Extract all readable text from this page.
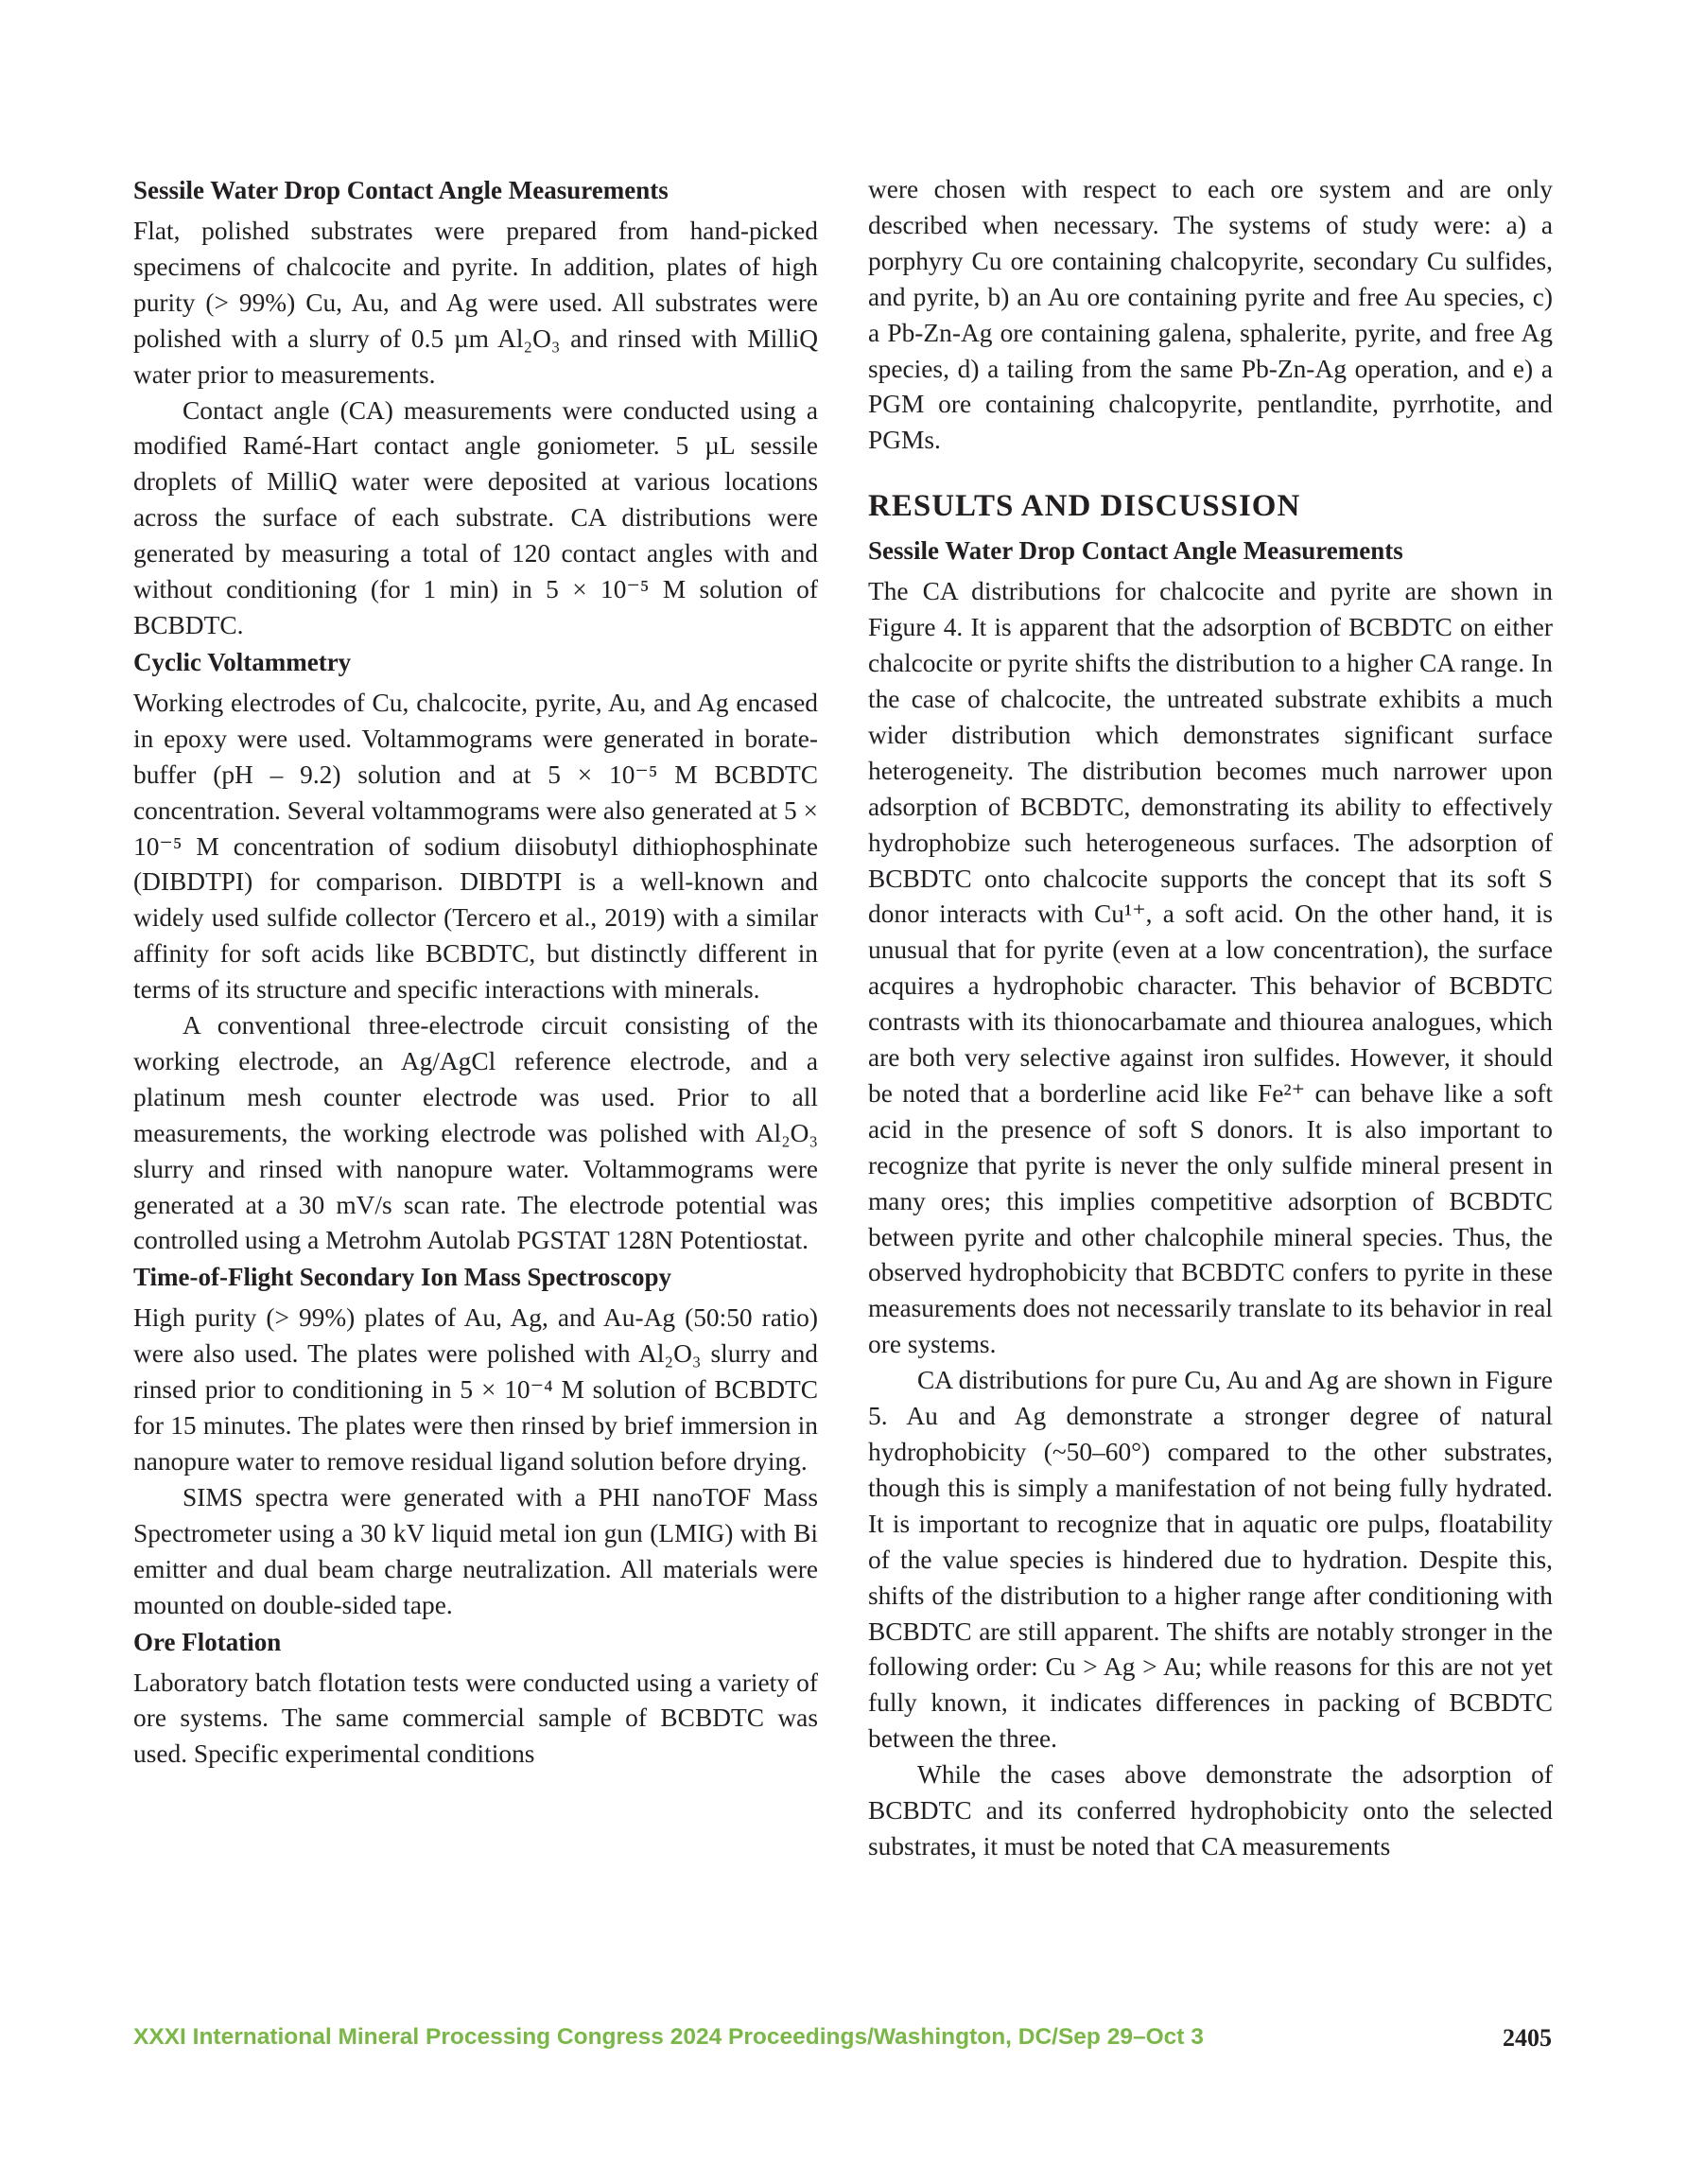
Sessile Water Drop Contact Angle Measurements

Flat, polished substrates were prepared from hand-picked specimens of chalcocite and pyrite. In addition, plates of high purity (> 99%) Cu, Au, and Ag were used. All substrates were polished with a slurry of 0.5 µm Al₂O₃ and rinsed with MilliQ water prior to measurements.

Contact angle (CA) measurements were conducted using a modified Ramé-Hart contact angle goniometer. 5 µL sessile droplets of MilliQ water were deposited at various locations across the surface of each substrate. CA distributions were generated by measuring a total of 120 contact angles with and without conditioning (for 1 min) in 5 × 10⁻⁵ M solution of BCBDTC.

Cyclic Voltammetry

Working electrodes of Cu, chalcocite, pyrite, Au, and Ag encased in epoxy were used. Voltammograms were generated in borate-buffer (pH – 9.2) solution and at 5 × 10⁻⁵ M BCBDTC concentration. Several voltammograms were also generated at 5 × 10⁻⁵ M concentration of sodium diisobutyl dithiophosphinate (DIBDTPI) for comparison. DIBDTPI is a well-known and widely used sulfide collector (Tercero et al., 2019) with a similar affinity for soft acids like BCBDTC, but distinctly different in terms of its structure and specific interactions with minerals.

A conventional three-electrode circuit consisting of the working electrode, an Ag/AgCl reference electrode, and a platinum mesh counter electrode was used. Prior to all measurements, the working electrode was polished with Al₂O₃ slurry and rinsed with nanopure water. Voltammograms were generated at a 30 mV/s scan rate. The electrode potential was controlled using a Metrohm Autolab PGSTAT 128N Potentiostat.

Time-of-Flight Secondary Ion Mass Spectroscopy

High purity (> 99%) plates of Au, Ag, and Au-Ag (50:50 ratio) were also used. The plates were polished with Al₂O₃ slurry and rinsed prior to conditioning in 5 × 10⁻⁴ M solution of BCBDTC for 15 minutes. The plates were then rinsed by brief immersion in nanopure water to remove residual ligand solution before drying.

SIMS spectra were generated with a PHI nanoTOF Mass Spectrometer using a 30 kV liquid metal ion gun (LMIG) with Bi emitter and dual beam charge neutralization. All materials were mounted on double-sided tape.

Ore Flotation

Laboratory batch flotation tests were conducted using a variety of ore systems. The same commercial sample of BCBDTC was used. Specific experimental conditions

were chosen with respect to each ore system and are only described when necessary. The systems of study were: a) a porphyry Cu ore containing chalcopyrite, secondary Cu sulfides, and pyrite, b) an Au ore containing pyrite and free Au species, c) a Pb-Zn-Ag ore containing galena, sphalerite, pyrite, and free Ag species, d) a tailing from the same Pb-Zn-Ag operation, and e) a PGM ore containing chalcopyrite, pentlandite, pyrrhotite, and PGMs.

RESULTS AND DISCUSSION
Sessile Water Drop Contact Angle Measurements

The CA distributions for chalcocite and pyrite are shown in Figure 4. It is apparent that the adsorption of BCBDTC on either chalcocite or pyrite shifts the distribution to a higher CA range. In the case of chalcocite, the untreated substrate exhibits a much wider distribution which demonstrates significant surface heterogeneity. The distribution becomes much narrower upon adsorption of BCBDTC, demonstrating its ability to effectively hydrophobize such heterogeneous surfaces. The adsorption of BCBDTC onto chalcocite supports the concept that its soft S donor interacts with Cu¹⁺, a soft acid. On the other hand, it is unusual that for pyrite (even at a low concentration), the surface acquires a hydrophobic character. This behavior of BCBDTC contrasts with its thionocarbamate and thiourea analogues, which are both very selective against iron sulfides. However, it should be noted that a borderline acid like Fe²⁺ can behave like a soft acid in the presence of soft S donors. It is also important to recognize that pyrite is never the only sulfide mineral present in many ores; this implies competitive adsorption of BCBDTC between pyrite and other chalcophile mineral species. Thus, the observed hydrophobicity that BCBDTC confers to pyrite in these measurements does not necessarily translate to its behavior in real ore systems.

CA distributions for pure Cu, Au and Ag are shown in Figure 5. Au and Ag demonstrate a stronger degree of natural hydrophobicity (~50–60°) compared to the other substrates, though this is simply a manifestation of not being fully hydrated. It is important to recognize that in aquatic ore pulps, floatability of the value species is hindered due to hydration. Despite this, shifts of the distribution to a higher range after conditioning with BCBDTC are still apparent. The shifts are notably stronger in the following order: Cu > Ag > Au; while reasons for this are not yet fully known, it indicates differences in packing of BCBDTC between the three.

While the cases above demonstrate the adsorption of BCBDTC and its conferred hydrophobicity onto the selected substrates, it must be noted that CA measurements

XXXI International Mineral Processing Congress 2024 Proceedings/Washington, DC/Sep 29–Oct 3	2405
